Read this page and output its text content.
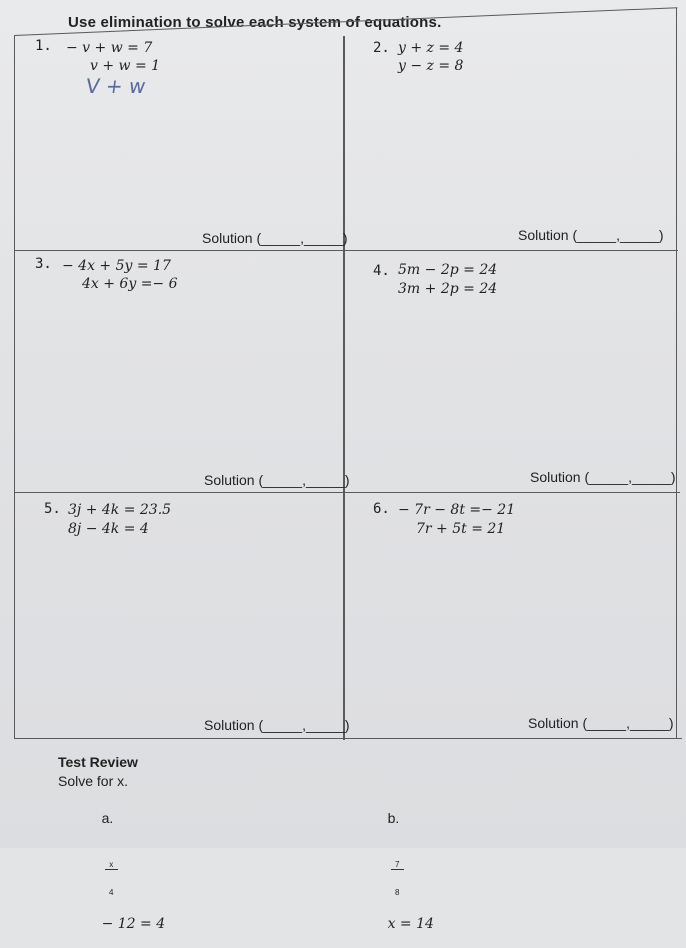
Use elimination to solve each system of equations.
1. − v + w = 7
v + w = 1
V + w
Solution (_____,_____)
2. y + z = 4
y − z = 8
Solution (_____,_____)
3. − 4x + 5y = 17
4x + 6y =− 6
Solution (_____,_____)
4. 5m − 2p = 24
3m + 2p = 24
Solution (_____,_____)
5. 3j + 4k = 23.5
8j − 4k = 4
Solution (_____,_____)
6. − 7r − 8t =− 21
7r + 5t = 21
Solution (_____,_____)
Test Review
Solve for x.

a.

$\frac{x}{4}$

− 12 = 4

b.

$\frac{7}{8}$

x = 14
